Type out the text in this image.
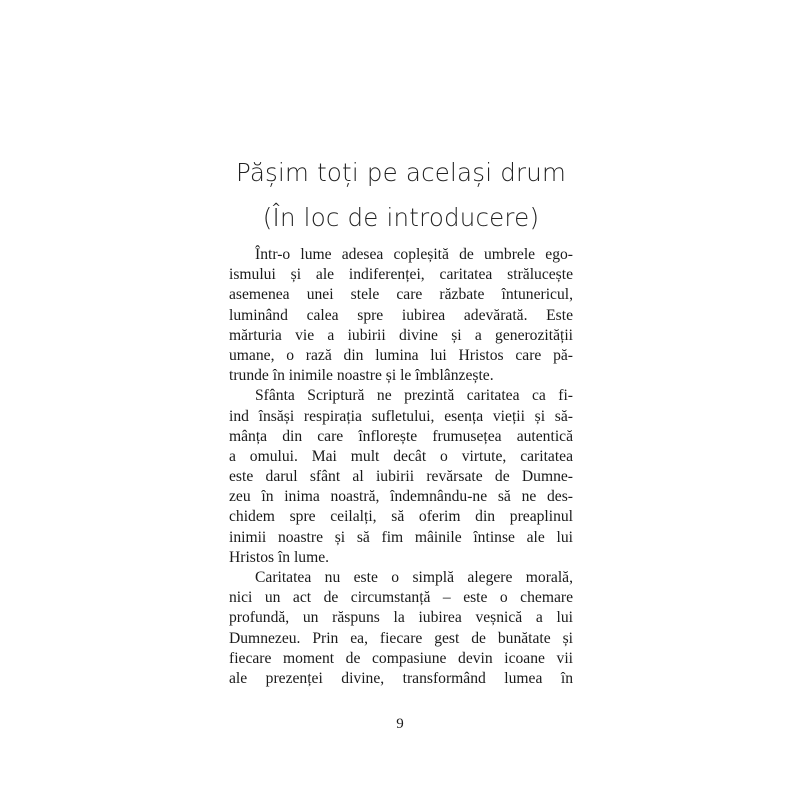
Pășim toți pe același drum
(În loc de introducere)
Într-o lume adesea copleșită de umbrele ego-
ismului și ale indiferenței, caritatea strălucește
asemenea unei stele care răzbate întunericul,
luminând calea spre iubirea adevărată. Este
mărturia vie a iubirii divine și a generozității
umane, o rază din lumina lui Hristos care pă-
trunde în inimile noastre și le îmblânzește.
Sfânta Scriptură ne prezintă caritatea ca fi-
ind însăși respirația sufletului, esența vieții și să-
mânța din care înflorește frumusețea autentică
a omului. Mai mult decât o virtute, caritatea
este darul sfânt al iubirii revărsate de Dumne-
zeu în inima noastră, îndemnându-ne să ne des-
chidem spre ceilalți, să oferim din preaplinul
inimii noastre și să fim mâinile întinse ale lui
Hristos în lume.
Caritatea nu este o simplă alegere morală,
nici un act de circumstanță – este o chemare
profundă, un răspuns la iubirea veșnică a lui
Dumnezeu. Prin ea, fiecare gest de bunătate și
fiecare moment de compasiune devin icoane vii
ale prezenței divine, transformând lumea în
9
